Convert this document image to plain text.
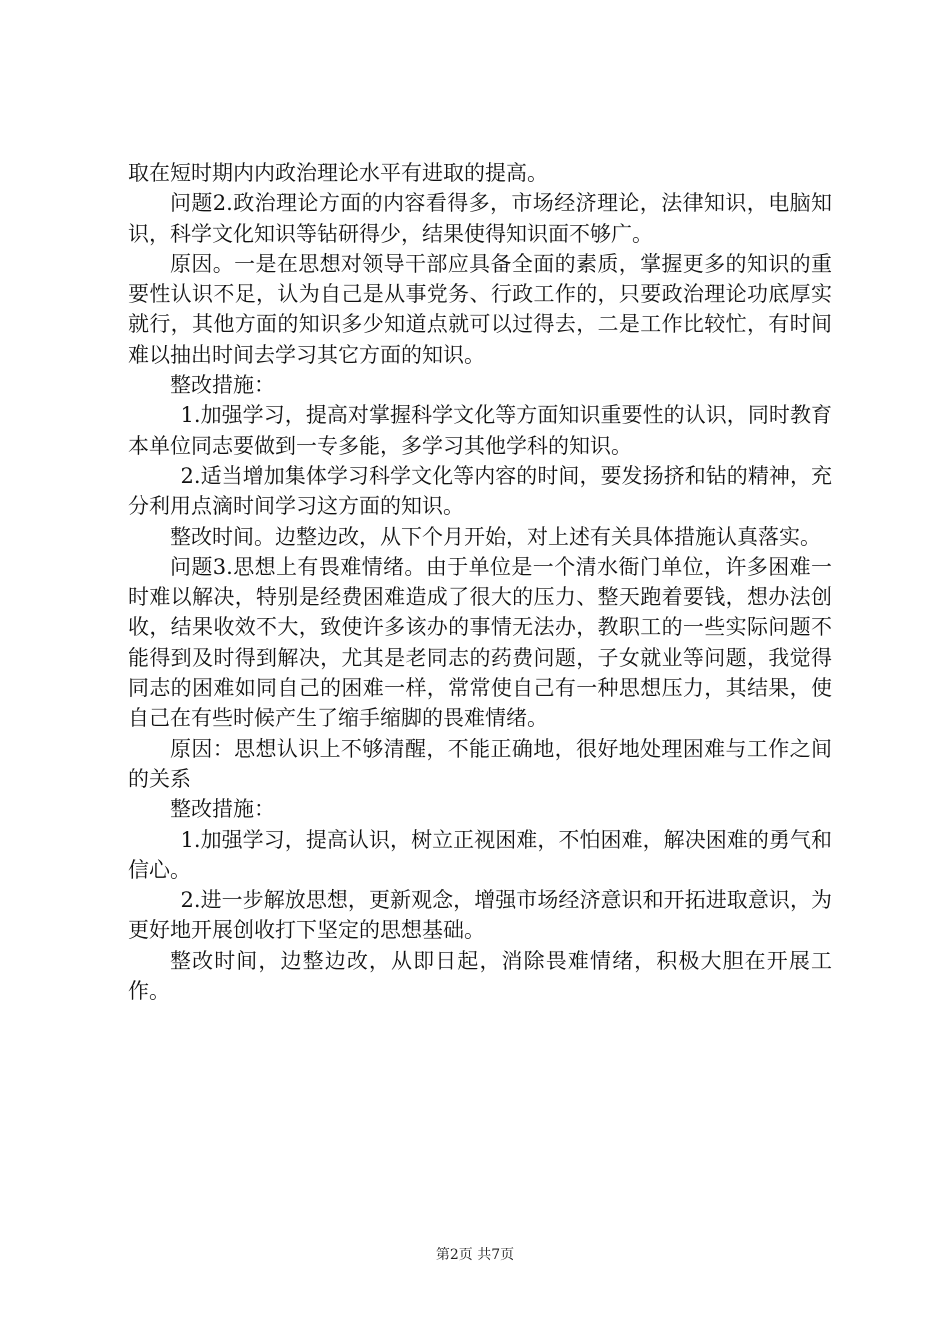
取在短时期内内政治理论水平有进取的提高。

问题2.政治理论方面的内容看得多，市场经济理论，法律知识，电脑知识，科学文化知识等钻研得少，结果使得知识面不够广。

原因。一是在思想对领导干部应具备全面的素质，掌握更多的知识的重要性认识不足，认为自己是从事党务、行政工作的，只要政治理论功底厚实就行，其他方面的知识多少知道点就可以过得去，二是工作比较忙，有时间难以抽出时间去学习其它方面的知识。

整改措施：

1.加强学习，提高对掌握科学文化等方面知识重要性的认识，同时教育本单位同志要做到一专多能，多学习其他学科的知识。

2.适当增加集体学习科学文化等内容的时间，要发扬挤和钻的精神，充分利用点滴时间学习这方面的知识。

整改时间。边整边改，从下个月开始，对上述有关具体措施认真落实。

问题3.思想上有畏难情绪。由于单位是一个清水衙门单位，许多困难一时难以解决，特别是经费困难造成了很大的压力、整天跑着要钱，想办法创收，结果收效不大，致使许多该办的事情无法办，教职工的一些实际问题不能得到及时得到解决，尤其是老同志的药费问题，子女就业等问题，我觉得同志的困难如同自己的困难一样，常常使自己有一种思想压力，其结果，使自己在有些时候产生了缩手缩脚的畏难情绪。

原因：思想认识上不够清醒，不能正确地，很好地处理困难与工作之间的关系

整改措施：

1.加强学习，提高认识，树立正视困难，不怕困难，解决困难的勇气和信心。

2.进一步解放思想，更新观念，增强市场经济意识和开拓进取意识，为更好地开展创收打下坚定的思想基础。

整改时间，边整边改，从即日起，消除畏难情绪，积极大胆在开展工作。

第2页 共7页
